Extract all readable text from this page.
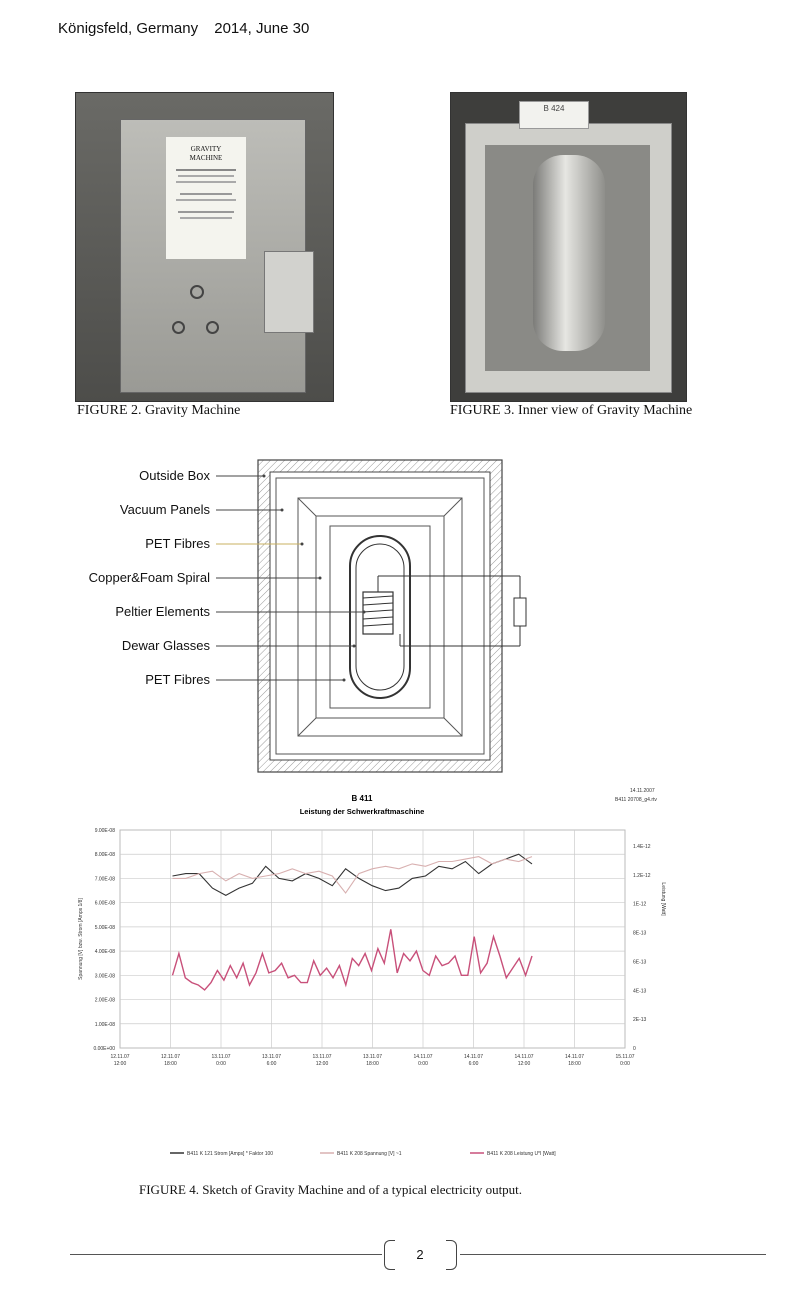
Königsfeld, Germany 2014, June 30
GRAVITY
MACHINE
FIGURE 2. Gravity Machine
B 424
FIGURE 3. Inner view of Gravity Machine
Outside Box
Vacuum Panels
PET Fibres
Copper&Foam Spiral
Peltier Elements
Dewar Glasses
PET Fibres
B 411
Leistung der Schwerkraftmaschine
14.11.2007
B411 20708_g4.rtv
9.00E-08
8.00E-08
7.00E-08
6.00E-08
5.00E-08
4.00E-08
3.00E-08
2.00E-08
1.00E-08
0.00E+00
1.4E-12
1.2E-12
1E-12
8E-13
6E-13
4E-13
2E-13
0
12.11.07
12:00
12.11.07
18:00
13.11.07
0:00
13.11.07
6:00
13.11.07
12:00
13.11.07
18:00
14.11.07
0:00
14.11.07
6:00
14.11.07
12:00
14.11.07
18:00
15.11.07
0:00
Spannung [V] bzw. Strom [Amps 1/8]	Leistung [Watt]
B411 K 121 Strom [Amps] * Faktor 100	B411 K 208 Spannung [V] ~1	B411 K 208 Leistung U*I [Watt]
FIGURE 4. Sketch of Gravity Machine and of a typical electricity output.
2
